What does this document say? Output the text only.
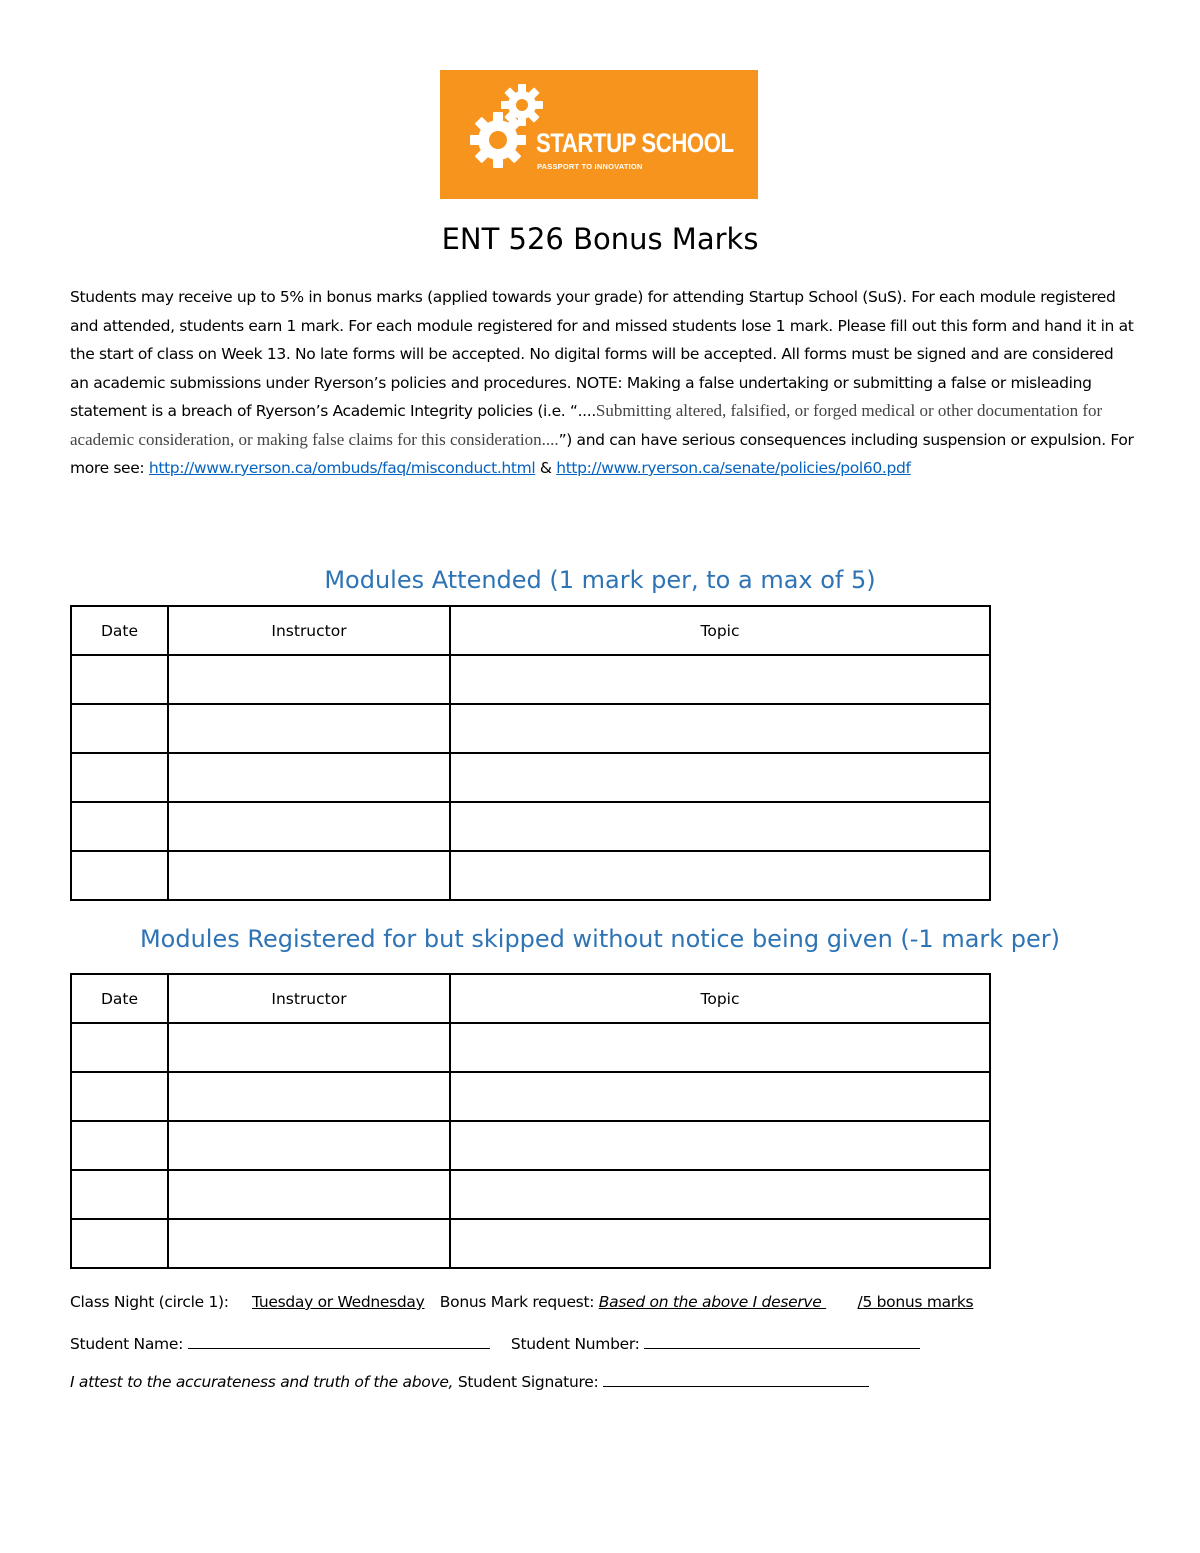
STARTUP SCHOOL
PASSPORT TO INNOVATION
ENT 526 Bonus Marks
Students may receive up to 5% in bonus marks (applied towards your grade) for attending Startup School (SuS). For each module registered and attended, students earn 1 mark. For each module registered for and missed students lose 1 mark. Please fill out this form and hand it in at the start of class on Week 13. No late forms will be accepted. No digital forms will be accepted. All forms must be signed and are considered an academic submissions under Ryerson’s policies and procedures. NOTE: Making a false undertaking or submitting a false or misleading statement is a breach of Ryerson’s Academic Integrity policies (i.e. “....Submitting altered, falsified, or forged medical or other documentation for academic consideration, or making false claims for this consideration....”) and can have serious consequences including suspension or expulsion. For more see: http://www.ryerson.ca/ombuds/faq/misconduct.html & http://www.ryerson.ca/senate/policies/pol60.pdf
Modules Attended (1 mark per, to a max of 5)
Date	Instructor	Topic

Modules Registered for but skipped without notice being given (-1 mark per)
Date	Instructor	Topic

Class Night (circle 1): Tuesday or Wednesday Bonus Mark request: Based on the above I deserve /5 bonus marks
Student Name:	Student Number:
I attest to the accurateness and truth of the above, Student Signature:
